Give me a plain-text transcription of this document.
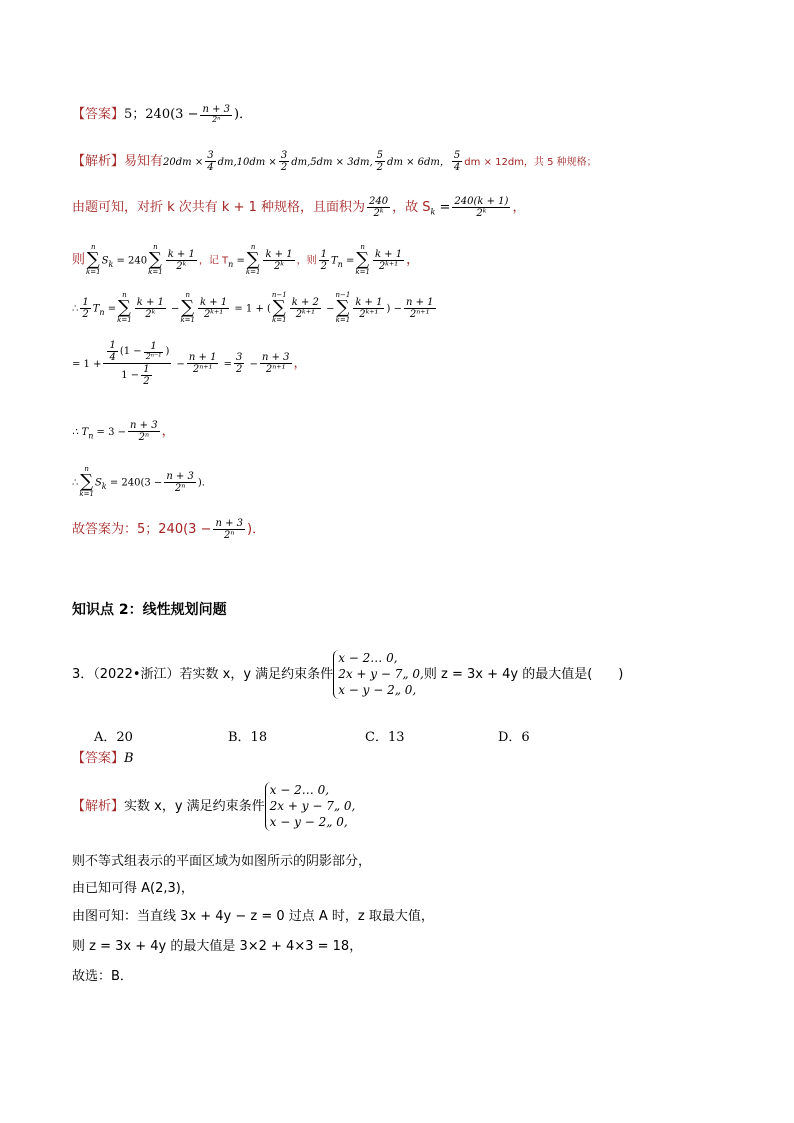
【答案】5；$240(3 - \frac{n + 3}{\text{2ⁿ}}$ )．
【解析】易知有$20dm \times \frac{3}{4} dm,10dm \times \frac{3}{2} dm,5dm \times 3dm$, $\frac{5}{2}$ dm × 6dm， $\frac{5}{4}$ dm × 12dm，共 5 种规格；
由题可知，对折 k 次共有 k + 1 种规格，且面积为 $\frac{240}{\text{2ᵏ}}$ ，故 $S_k = \frac{240(k + 1)}{\text{2ᵏ}}$ ，
则
n
∑
k=1
$S_k = 240$
n
∑
k=1
$\frac{k + 1}{\text{2ᵏ}}$ ，记 $T_n$ =
n
∑
k=1
$\frac{k + 1}{\text{2ᵏ}}$ ，则 $\frac{1}{2} T_n$ =
n
∑
k=1
$\frac{k + 1}{\text{2ᵏ⁺¹}}$ ，
∴ $\frac{1}{2} T_n$ =
n
∑
k=1
$\frac{k + 1}{\text{2ᵏ}}$ −
n
∑
k=1
$\frac{k + 1}{\text{2ᵏ⁺¹}} = 1$ + (
n−1
∑
k=1
$\frac{k + 2}{\text{2ᵏ⁺¹}}$ −
n−1
∑
k=1
$\frac{k + 1}{\text{2ᵏ⁺¹}}$ ) − $\frac{n + 1}{\text{2ⁿ⁺¹}}$
= $1 + \frac{\frac{1}{4} (1 - \frac{1}{\text{2ⁿ⁻¹}} )}{1 - \frac{1}{2}} - \frac{n + 1}{\text{2ⁿ⁺¹}} = \frac{3}{2} - \frac{n + 3}{\text{2ⁿ⁺¹}}$ ，
∴ $T_n = 3 - \frac{n + 3}{\text{2ⁿ}}$ ，
∴
n
∑
k=1
$S_k = 240(3 - \frac{n + 3}{\text{2ⁿ}}$ )．
故答案为：5；$240(3 - \frac{n + 3}{\text{2ⁿ}}$ )．
知识点 2：线性规划问题
3．（2022•浙江）若实数 x，y 满足约束条件
x − 2… 0,
2x + y − 7„ 0,
x − y − 2„ 0,
则 z = 3x + 4y 的最大值是(　　)
A．20	B．18	C．13	D．6
【答案】B
【解析】实数 x，y 满足约束条件
x − 2… 0,
2x + y − 7„ 0,
x − y − 2„ 0,
则不等式组表示的平面区域为如图所示的阴影部分，
由已知可得 A(2,3)，
由图可知：当直线 3x + 4y − z = 0 过点 A 时，z 取最大值，
则 z = 3x + 4y 的最大值是 3×2 + 4×3 = 18，
故选：B．
